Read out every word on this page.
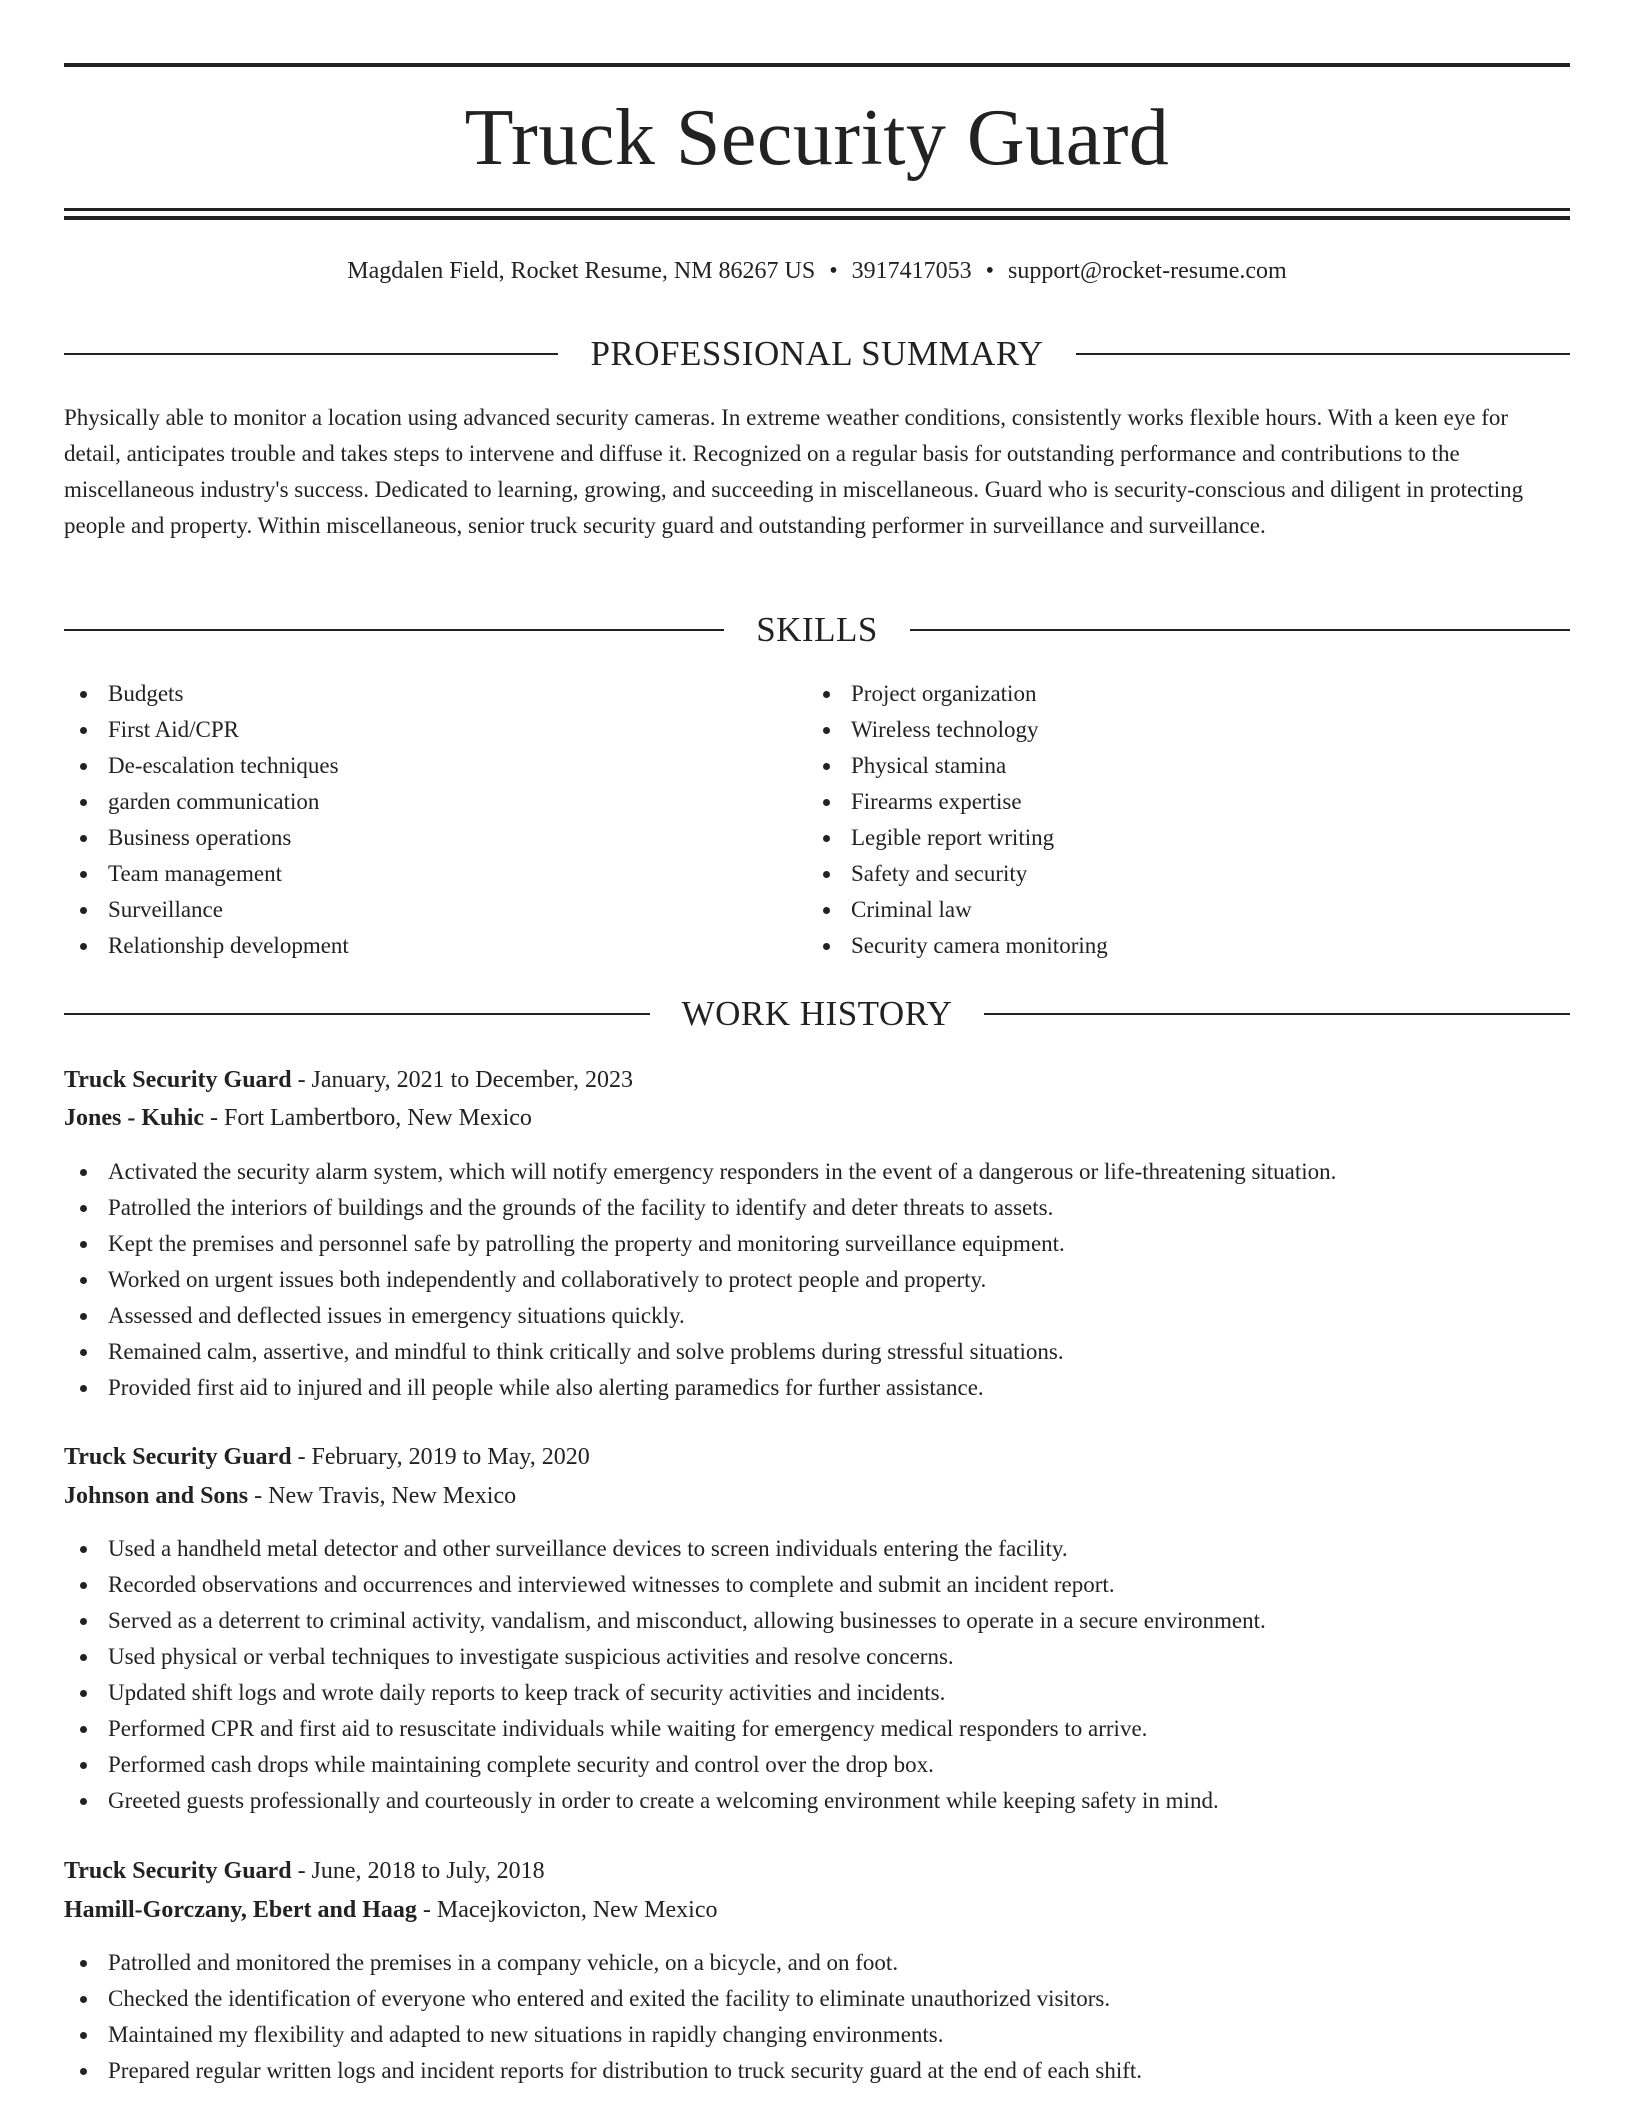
Truck Security Guard
Magdalen Field, Rocket Resume, NM 86267 US • 3917417053 • support@rocket-resume.com
PROFESSIONAL SUMMARY
Physically able to monitor a location using advanced security cameras. In extreme weather conditions, consistently works flexible hours. With a keen eye for detail, anticipates trouble and takes steps to intervene and diffuse it. Recognized on a regular basis for outstanding performance and contributions to the miscellaneous industry's success. Dedicated to learning, growing, and succeeding in miscellaneous. Guard who is security-conscious and diligent in protecting people and property. Within miscellaneous, senior truck security guard and outstanding performer in surveillance and surveillance.
SKILLS
Budgets
First Aid/CPR
De-escalation techniques
garden communication
Business operations
Team management
Surveillance
Relationship development
Project organization
Wireless technology
Physical stamina
Firearms expertise
Legible report writing
Safety and security
Criminal law
Security camera monitoring
WORK HISTORY
Truck Security Guard - January, 2021 to December, 2023
Jones - Kuhic - Fort Lambertboro, New Mexico
Activated the security alarm system, which will notify emergency responders in the event of a dangerous or life-threatening situation.
Patrolled the interiors of buildings and the grounds of the facility to identify and deter threats to assets.
Kept the premises and personnel safe by patrolling the property and monitoring surveillance equipment.
Worked on urgent issues both independently and collaboratively to protect people and property.
Assessed and deflected issues in emergency situations quickly.
Remained calm, assertive, and mindful to think critically and solve problems during stressful situations.
Provided first aid to injured and ill people while also alerting paramedics for further assistance.
Truck Security Guard - February, 2019 to May, 2020
Johnson and Sons - New Travis, New Mexico
Used a handheld metal detector and other surveillance devices to screen individuals entering the facility.
Recorded observations and occurrences and interviewed witnesses to complete and submit an incident report.
Served as a deterrent to criminal activity, vandalism, and misconduct, allowing businesses to operate in a secure environment.
Used physical or verbal techniques to investigate suspicious activities and resolve concerns.
Updated shift logs and wrote daily reports to keep track of security activities and incidents.
Performed CPR and first aid to resuscitate individuals while waiting for emergency medical responders to arrive.
Performed cash drops while maintaining complete security and control over the drop box.
Greeted guests professionally and courteously in order to create a welcoming environment while keeping safety in mind.
Truck Security Guard - June, 2018 to July, 2018
Hamill-Gorczany, Ebert and Haag - Macejkovicton, New Mexico
Patrolled and monitored the premises in a company vehicle, on a bicycle, and on foot.
Checked the identification of everyone who entered and exited the facility to eliminate unauthorized visitors.
Maintained my flexibility and adapted to new situations in rapidly changing environments.
Prepared regular written logs and incident reports for distribution to truck security guard at the end of each shift.
